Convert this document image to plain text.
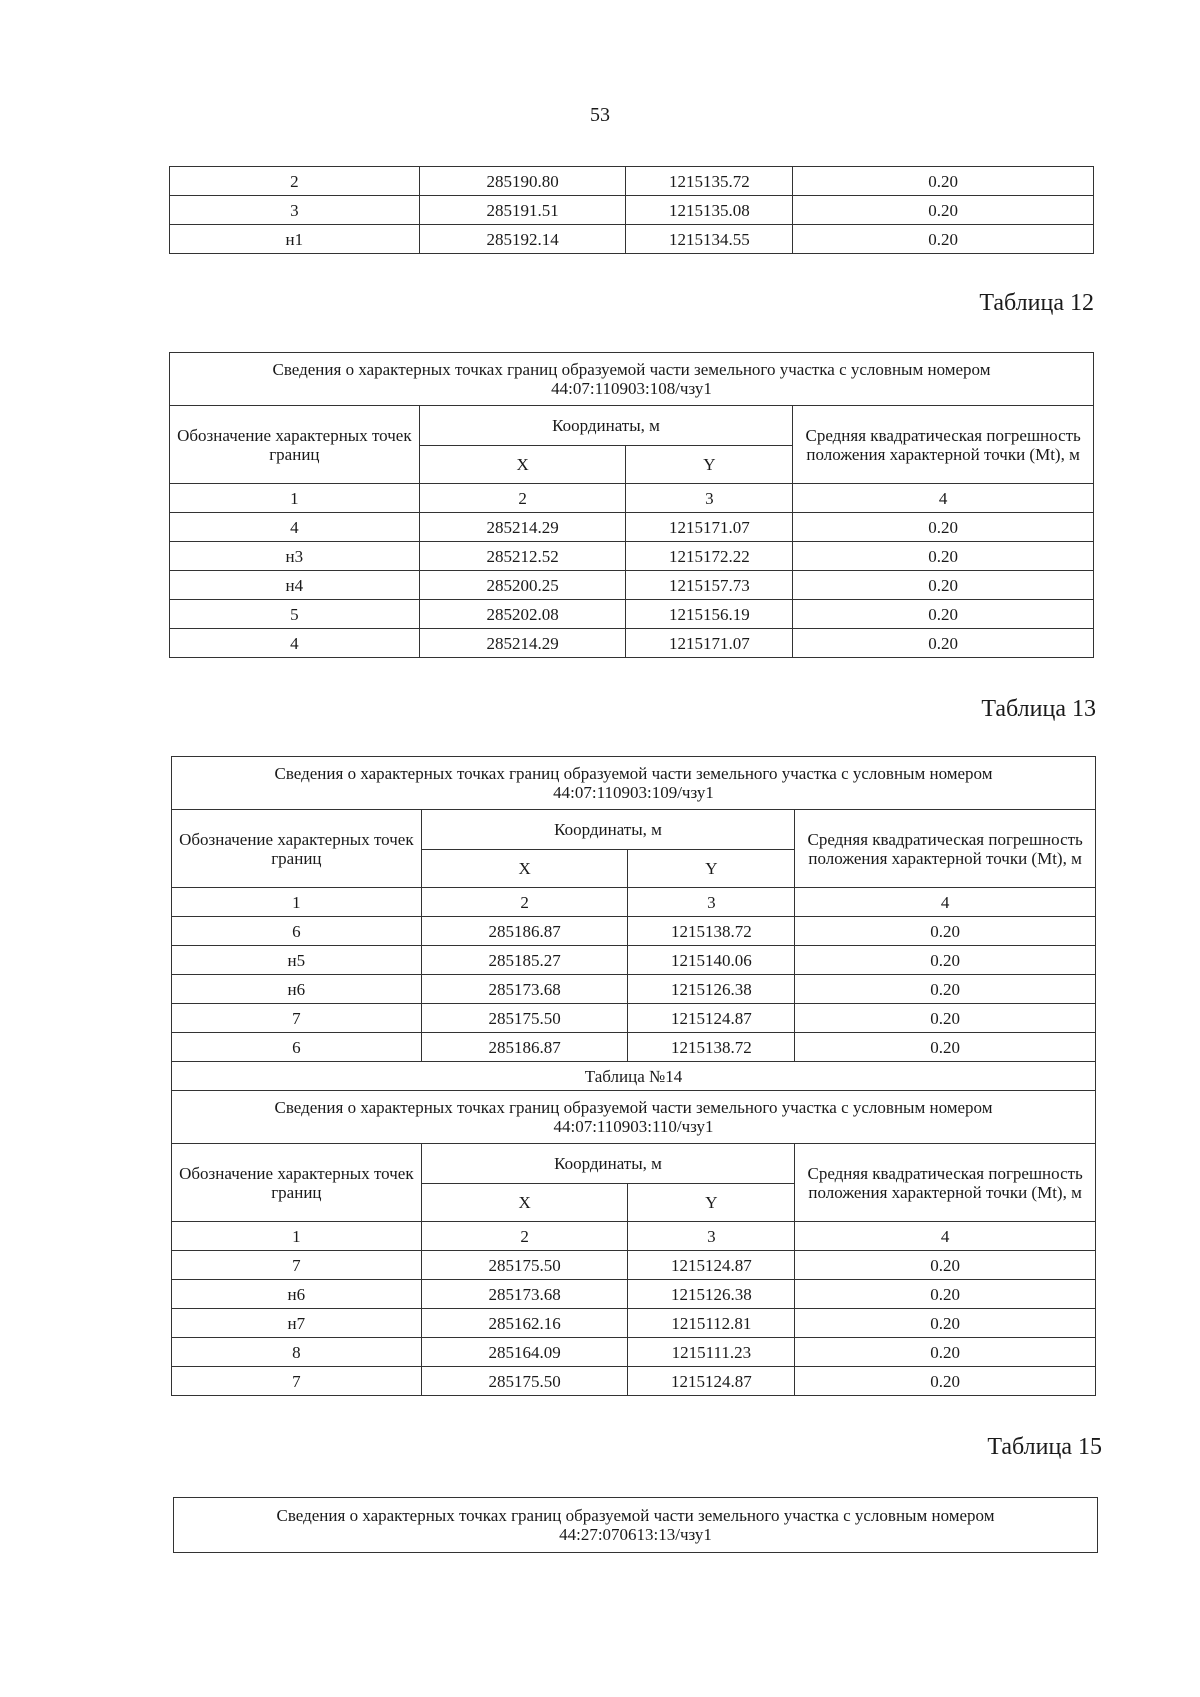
53
2	285190.80	1215135.72	0.20
3	285191.51	1215135.08	0.20
н1	285192.14	1215134.55	0.20
Таблица 12
Сведения о характерных точках границ образуемой части земельного участка с условным номером
44:07:110903:108/чзу1			

Обозначение характерных точек границ	Координаты, м		Средняя квадратическая погрешность положения характерной точки (Mt), м
	X	Y	
1	2	3	4
4	285214.29	1215171.07	0.20
н3	285212.52	1215172.22	0.20
н4	285200.25	1215157.73	0.20
5	285202.08	1215156.19	0.20
4	285214.29	1215171.07	0.20
Таблица 13
Сведения о характерных точках границ образуемой части земельного участка с условным номером
44:07:110903:109/чзу1			

Обозначение характерных точек границ	Координаты, м		Средняя квадратическая погрешность положения характерной точки (Mt), м
	X	Y	
1	2	3	4
6	285186.87	1215138.72	0.20
н5	285185.27	1215140.06	0.20
н6	285173.68	1215126.38	0.20
7	285175.50	1215124.87	0.20
6	285186.87	1215138.72	0.20
Таблица №14			

Сведения о характерных точках границ образуемой части земельного участка с условным номером
44:07:110903:110/чзу1			

Обозначение характерных точек границ	Координаты, м		Средняя квадратическая погрешность положения характерной точки (Mt), м
	X	Y	
1	2	3	4
7	285175.50	1215124.87	0.20
н6	285173.68	1215126.38	0.20
н7	285162.16	1215112.81	0.20
8	285164.09	1215111.23	0.20
7	285175.50	1215124.87	0.20
Таблица 15
Сведения о характерных точках границ образуемой части земельного участка с условным номером
44:27:070613:13/чзу1
